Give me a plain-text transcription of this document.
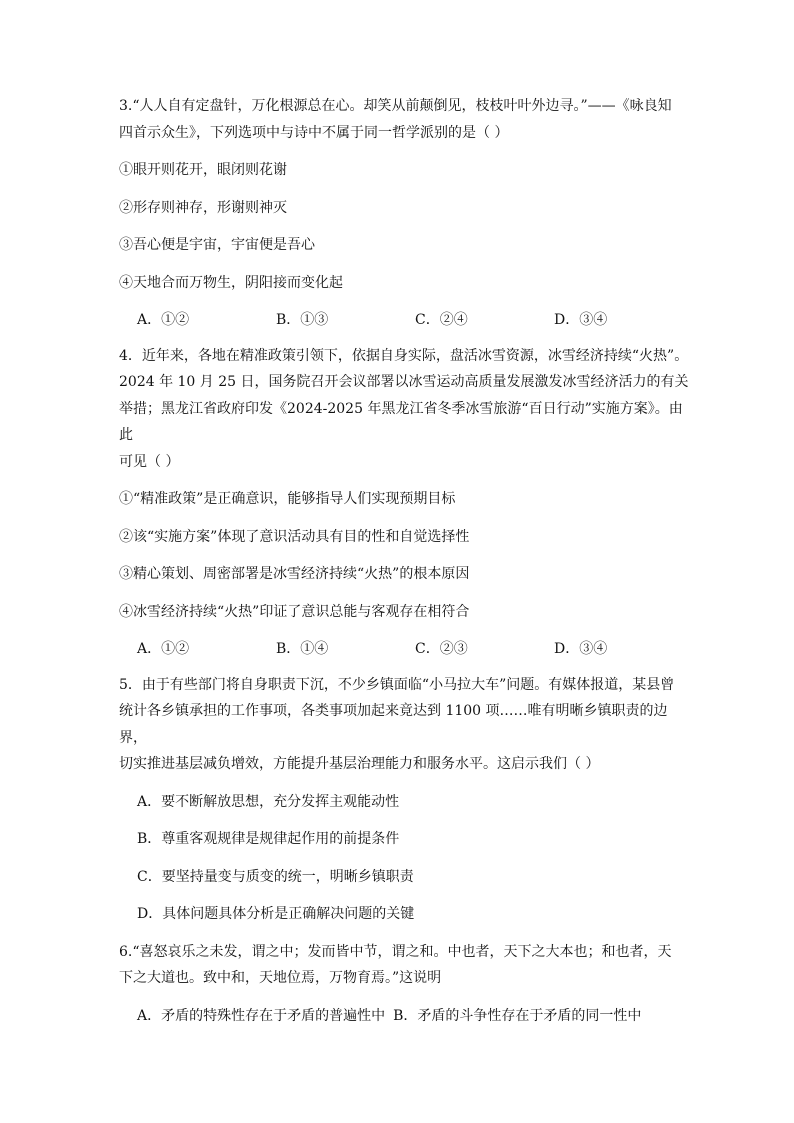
3.“人人自有定盘针，万化根源总在心。却笑从前颠倒见，枝枝叶叶外边寻。”——《咏良知

四首示众生》，下列选项中与诗中不属于同一哲学派别的是（ ）

①眼开则花开，眼闭则花谢

②形存则神存，形谢则神灭

③吾心便是宇宙，宇宙便是吾心

④天地合而万物生，阴阳接而变化起

A．①②	B．①③	C．②④	D．③④

4．近年来，各地在精准政策引领下，依据自身实际，盘活冰雪资源，冰雪经济持续“火热”。

2024 年 10 月 25 日，国务院召开会议部署以冰雪运动高质量发展激发冰雪经济活力的有关

举措；黑龙江省政府印发《2024-2025 年黑龙江省冬季冰雪旅游“百日行动”实施方案》。由此

可见（ ）

①“精准政策”是正确意识，能够指导人们实现预期目标

②该“实施方案”体现了意识活动具有目的性和自觉选择性

③精心策划、周密部署是冰雪经济持续“火热”的根本原因

④冰雪经济持续“火热”印证了意识总能与客观存在相符合

A．①②	B．①④	C．②③	D．③④

5．由于有些部门将自身职责下沉，不少乡镇面临“小马拉大车”问题。有媒体报道，某县曾

统计各乡镇承担的工作事项，各类事项加起来竟达到 1100 项……唯有明晰乡镇职责的边界，

切实推进基层减负增效，方能提升基层治理能力和服务水平。这启示我们（ ）

A．要不断解放思想，充分发挥主观能动性

B．尊重客观规律是规律起作用的前提条件

C．要坚持量变与质变的统一，明晰乡镇职责

D．具体问题具体分析是正确解决问题的关键

6.“喜怒哀乐之未发，谓之中；发而皆中节，谓之和。中也者，天下之大本也；和也者，天

下之大道也。致中和，天地位焉，万物育焉。”这说明

A．矛盾的特殊性存在于矛盾的普遍性中 B．矛盾的斗争性存在于矛盾的同一性中
